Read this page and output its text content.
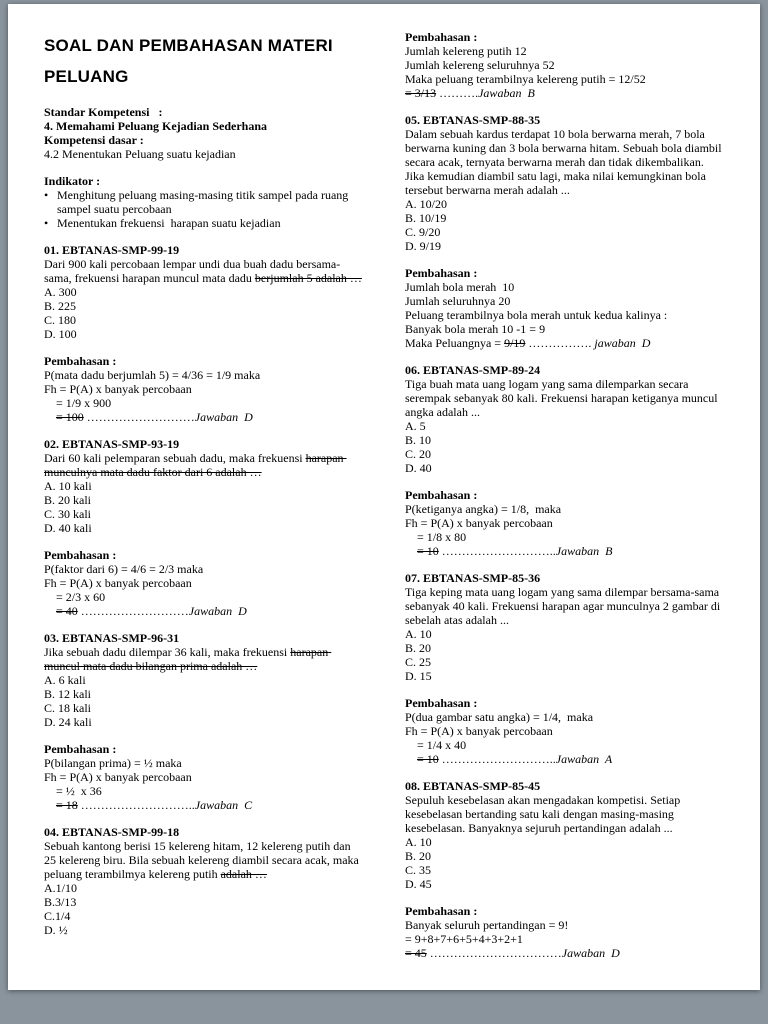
SOAL DAN PEMBAHASAN MATERI
PELUANG
Standar Kompetensi   :
4. Memahami Peluang Kejadian Sederhana
Kompetensi dasar :
4.2 Menentukan Peluang suatu kejadian
Indikator :
• Menghitung peluang masing-masing titik sampel pada ruang sampel suatu percobaan
• Menentukan frekuensi  harapan suatu kejadian
01. EBTANAS-SMP-99-19
Dari 900 kali percobaan lempar undi dua buah dadu bersama-sama, frekuensi harapan muncul mata dadu berjumlah 5 adalah …
A. 300
B. 225
C. 180
D. 100
Pembahasan :
P(mata dadu berjumlah 5) = 4/36 = 1/9 maka
Fh = P(A) x banyak percobaan
= 1/9 x 900
= 100 ………………………Jawaban  D
02. EBTANAS-SMP-93-19
Dari 60 kali pelemparan sebuah dadu, maka frekuensi harapan munculnya mata dadu faktor dari 6 adalah …
A. 10 kali
B. 20 kali
C. 30 kali
D. 40 kali
Pembahasan :
P(faktor dari 6) = 4/6 = 2/3 maka
Fh = P(A) x banyak percobaan
= 2/3 x 60
= 40 ………………………Jawaban  D
03. EBTANAS-SMP-96-31
Jika sebuah dadu dilempar 36 kali, maka frekuensi harapan muncul mata dadu bilangan prima adalah …
A. 6 kali
B. 12 kali
C. 18 kali
D. 24 kali
Pembahasan :
P(bilangan prima) = ½ maka
Fh = P(A) x banyak percobaan
= ½  x 36
= 18 ………………………..Jawaban  C
04. EBTANAS-SMP-99-18
Sebuah kantong berisi 15 kelereng hitam, 12 kelereng putih dan 25 kelereng biru. Bila sebuah kelereng diambil secara acak, maka peluang terambilmya kelereng putih adalah …
A.1/10
B.3/13
C.1/4
D. ½
Pembahasan :
Jumlah kelereng putih 12
Jumlah kelereng seluruhnya 52
Maka peluang terambilnya kelereng putih = 12/52
= 3/13 ……….Jawaban  B
05. EBTANAS-SMP-88-35
Dalam sebuah kardus terdapat 10 bola berwarna merah, 7 bola berwarna kuning dan 3 bola berwarna hitam. Sebuah bola diambil secara acak, ternyata berwarna merah dan tidak dikembalikan. Jika kemudian diambil satu lagi, maka nilai kemungkinan bola tersebut berwarna merah adalah ...
A. 10/20
B. 10/19
C. 9/20
D. 9/19
Pembahasan :
Jumlah bola merah  10
Jumlah seluruhnya 20
Peluang terambilnya bola merah untuk kedua kalinya :
Banyak bola merah 10 -1 = 9
Maka Peluangnya = 9/19 ……………. jawaban  D
06. EBTANAS-SMP-89-24
Tiga buah mata uang logam yang sama dilemparkan secara serempak sebanyak 80 kali. Frekuensi harapan ketiganya muncul angka adalah ...
A. 5
B. 10
C. 20
D. 40
Pembahasan :
P(ketiganya angka) = 1/8,  maka
Fh = P(A) x banyak percobaan
= 1/8 x 80
= 10 ………………………..Jawaban  B
07. EBTANAS-SMP-85-36
Tiga keping mata uang logam yang sama dilempar bersama-sama sebanyak 40 kali. Frekuensi harapan agar munculnya 2 gambar di sebelah atas adalah ...
A. 10
B. 20
C. 25
D. 15
Pembahasan :
P(dua gambar satu angka) = 1/4,  maka
Fh = P(A) x banyak percobaan
= 1/4 x 40
= 10 ………………………..Jawaban  A
08. EBTANAS-SMP-85-45
Sepuluh kesebelasan akan mengadakan kompetisi. Setiap kesebelasan bertanding satu kali dengan masing-masing kesebelasan. Banyaknya sejuruh pertandingan adalah ...
A. 10
B. 20
C. 35
D. 45
Pembahasan :
Banyak seluruh pertandingan = 9!
= 9+8+7+6+5+4+3+2+1
= 45 ……………………………Jawaban  D
